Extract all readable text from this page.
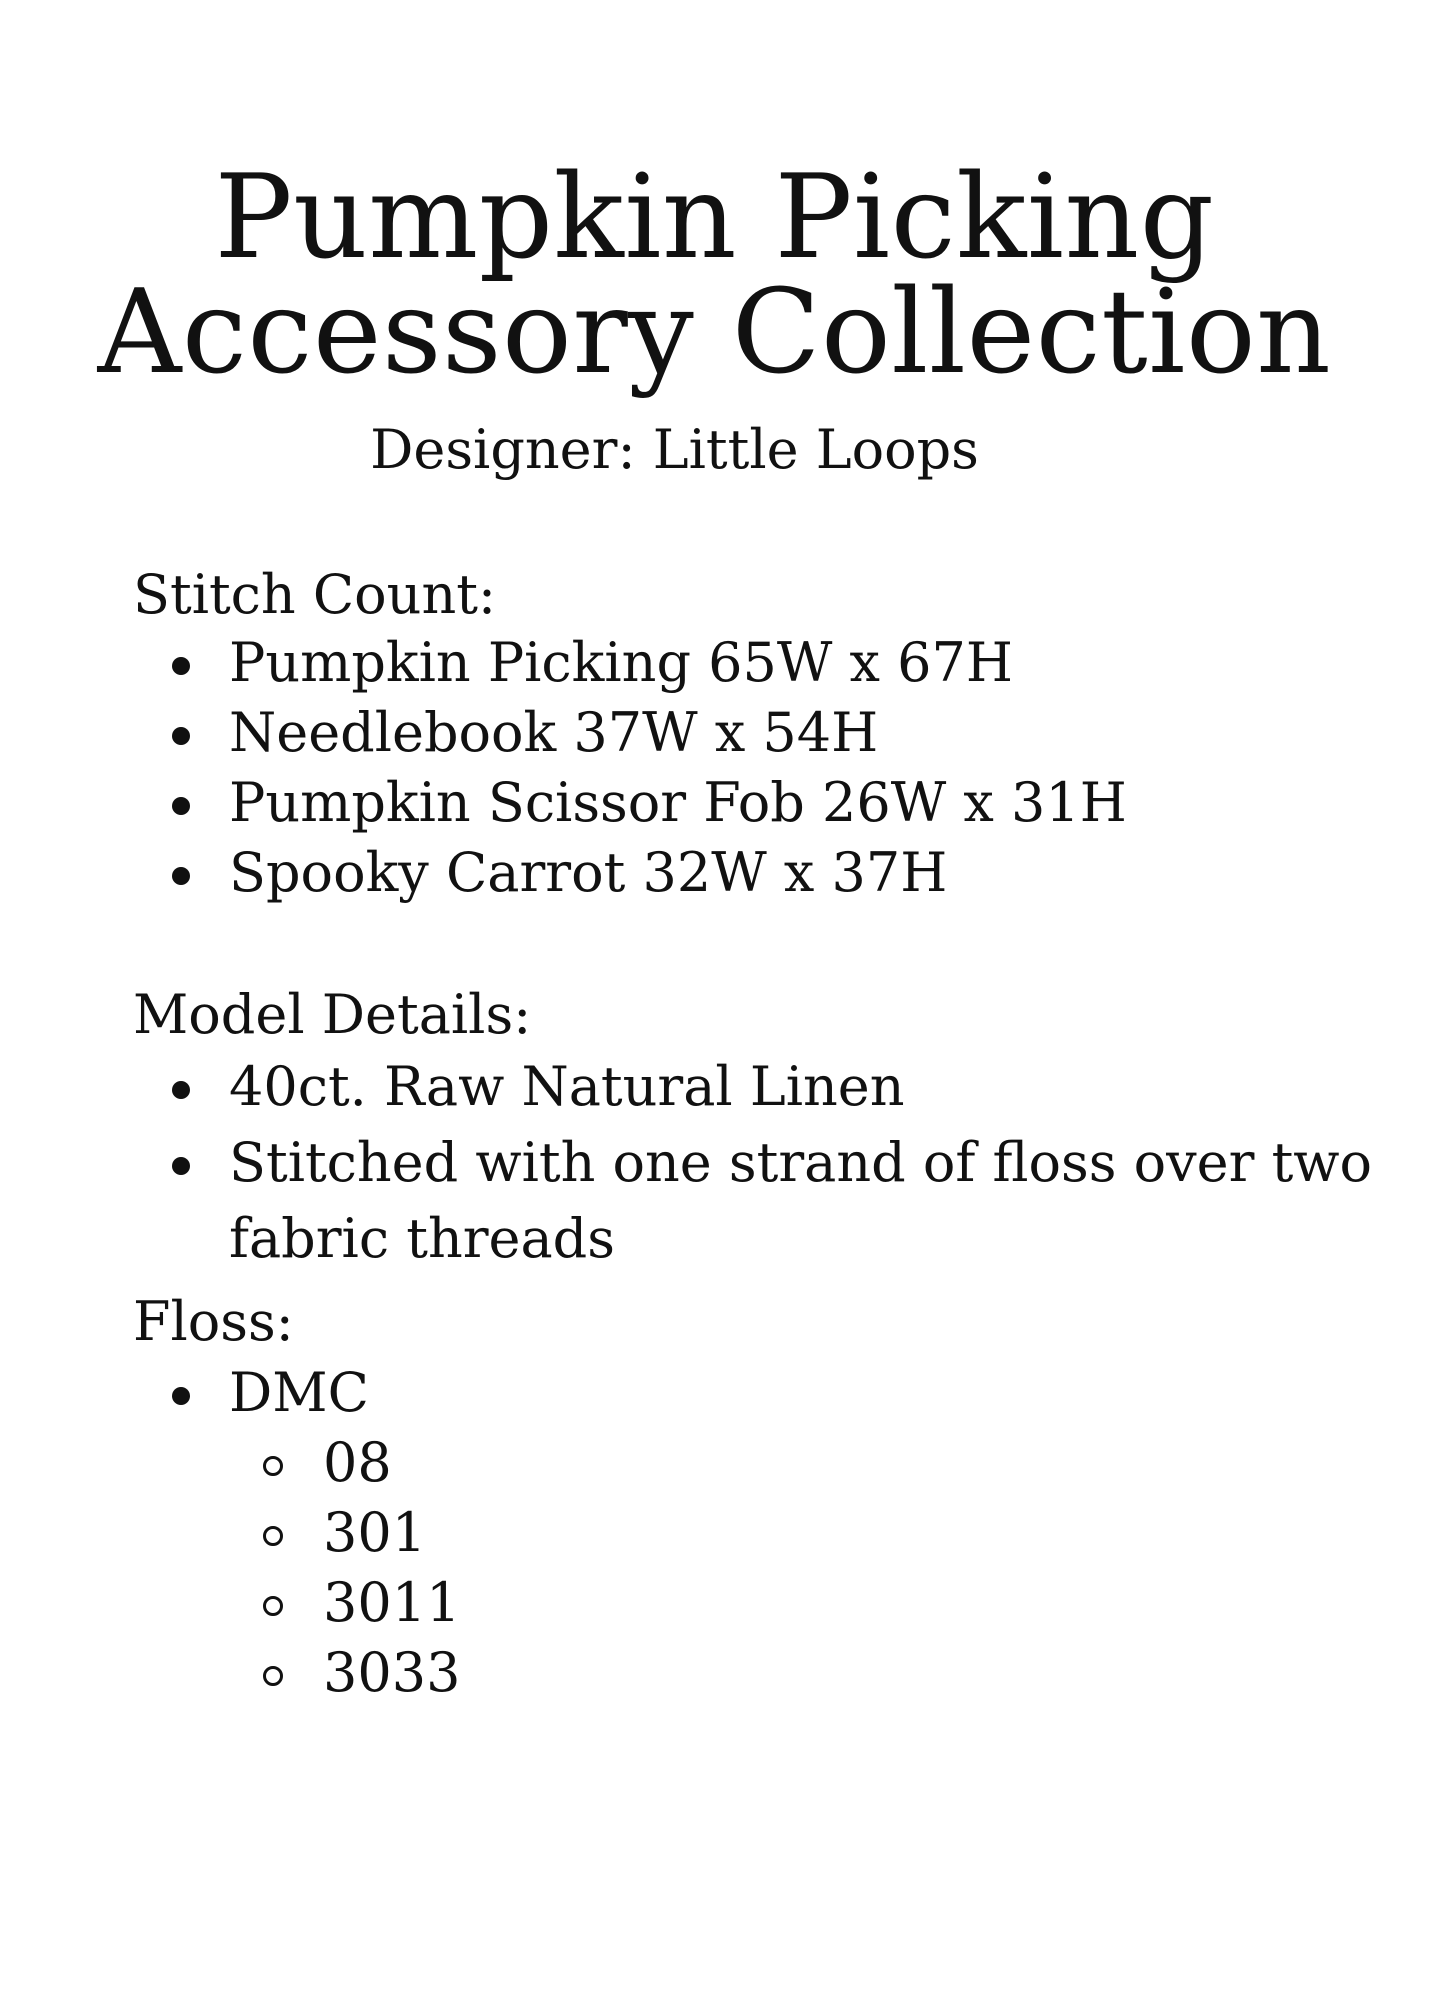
Pumpkin Picking
Accessory Collection

Designer: Little Loops

Stitch Count:
Pumpkin Picking 65W x 67H
Needlebook 37W x 54H
Pumpkin Scissor Fob 26W x 31H
Spooky Carrot 32W x 37H
Model Details:
40ct. Raw Natural Linen
Stitched with one strand of floss over two
fabric threads
Floss:
DMC
08
301
3011
3033
